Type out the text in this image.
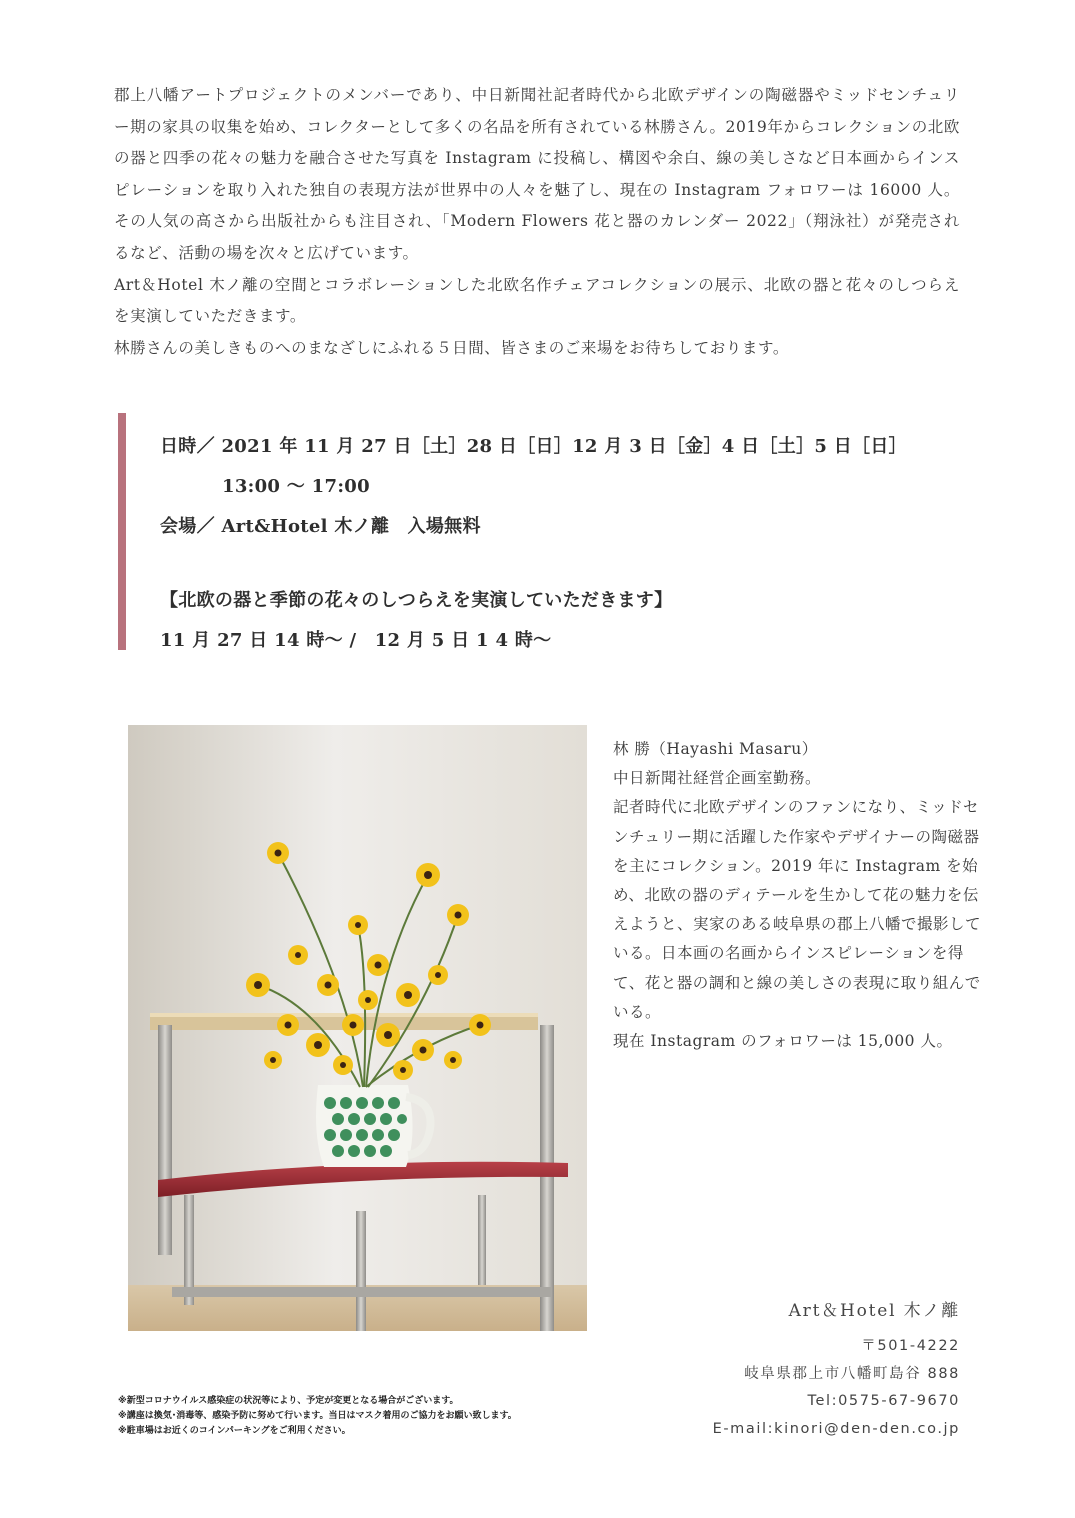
郡上八幡アートプロジェクトのメンバーであり、中日新聞社記者時代から北欧デザインの陶磁器やミッドセンチュリー期の家具の収集を始め、コレクターとして多くの名品を所有されている林勝さん。2019年からコレクションの北欧の器と四季の花々の魅力を融合させた写真を Instagram に投稿し、構図や余白、線の美しさなど日本画からインスピレーションを取り入れた独自の表現方法が世界中の人々を魅了し、現在の Instagram フォロワーは 16000 人。その人気の高さから出版社からも注目され、「Modern Flowers 花と器のカレンダー 2022」（翔泳社）が発売されるなど、活動の場を次々と広げています。

Art＆Hotel 木ノ離の空間とコラボレーションした北欧名作チェアコレクションの展示、北欧の器と花々のしつらえを実演していただきます。

林勝さんの美しきものへのまなざしにふれる５日間、皆さまのご来場をお待ちしております。

日時／ 2021 年 11 月 27 日［土］28 日［日］12 月 3 日［金］4 日［土］5 日［日］
13:00 〜 17:00
会場／ Art&Hotel 木ノ離　入場無料
【北欧の器と季節の花々のしつらえを実演していただきます】
11 月 27 日 14 時〜 /　12 月 5 日 1 4 時〜

林 勝（Hayashi Masaru）

中日新聞社経営企画室勤務。

記者時代に北欧デザインのファンになり、ミッドセンチュリー期に活躍した作家やデザイナーの陶磁器を主にコレクション。2019 年に Instagram を始め、北欧の器のディテールを生かして花の魅力を伝えようと、実家のある岐阜県の郡上八幡で撮影している。日本画の名画からインスピレーションを得て、花と器の調和と線の美しさの表現に取り組んでいる。

現在 Instagram のフォロワーは 15,000 人。

Art＆Hotel 木ノ離
〒501-4222
岐阜県郡上市八幡町島谷 888
Tel:0575-67-9670
E-mail:kinori@den-den.co.jp

※新型コロナウイルス感染症の状況等により、予定が変更となる場合がございます。

※講座は換気･消毒等、感染予防に努めて行います。当日はマスク着用のご協力をお願い致します。

※駐車場はお近くのコインパーキングをご利用ください。
